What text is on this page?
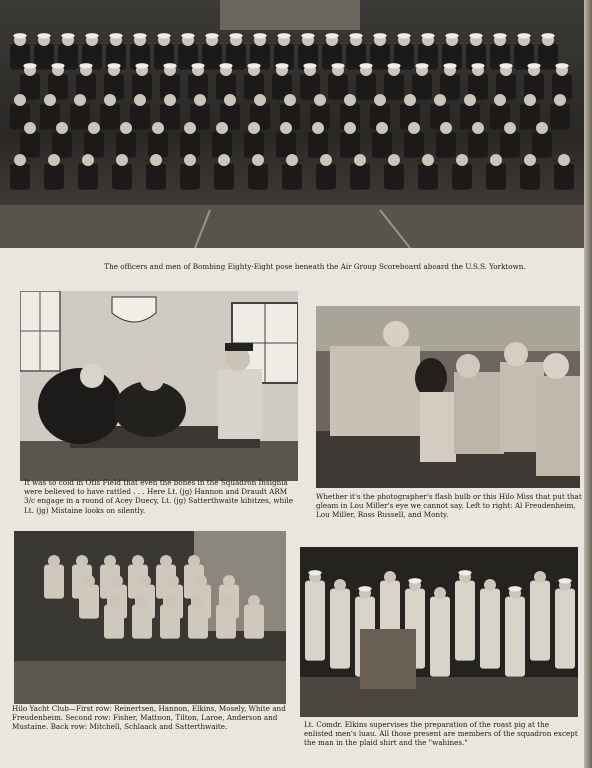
The officers and men of Bombing Eighty-Eight pose beneath the Air Group Scoreboard aboard the U.S.S. Yorktown.

It was so cold in Otis Field that even the bones in the Squadron Insignia were believed to have rattled . . . Here Lt. (jg) Hannon and Draudt ARM 3/c engage in a round of Acey Duecy, Lt. (jg) Satterthwaite kibitzes, while Lt. (jg) Mistaine looks on silently.

Whether it's the photographer's flash bulb or this Hilo Miss that put that gleam in Lou Miller's eye we cannot say. Left to right: Al Freudenheim, Lou Miller, Ross Russell, and Monty.

Hilo Yacht Club—First row: Reinertsen, Hannon, Elkins, Mosely, White and Freudenheim. Second row: Fisher, Mattoon, Tilton, Laroe, Anderson and Mustaine. Back row: Mitchell, Schlaack and Satterthwaite.	Lt. Comdr. Elkins supervises the preparation of the roast pig at the enlisted men's luau. All those present are members of the squadron except the man in the plaid shirt and the "wahines."
